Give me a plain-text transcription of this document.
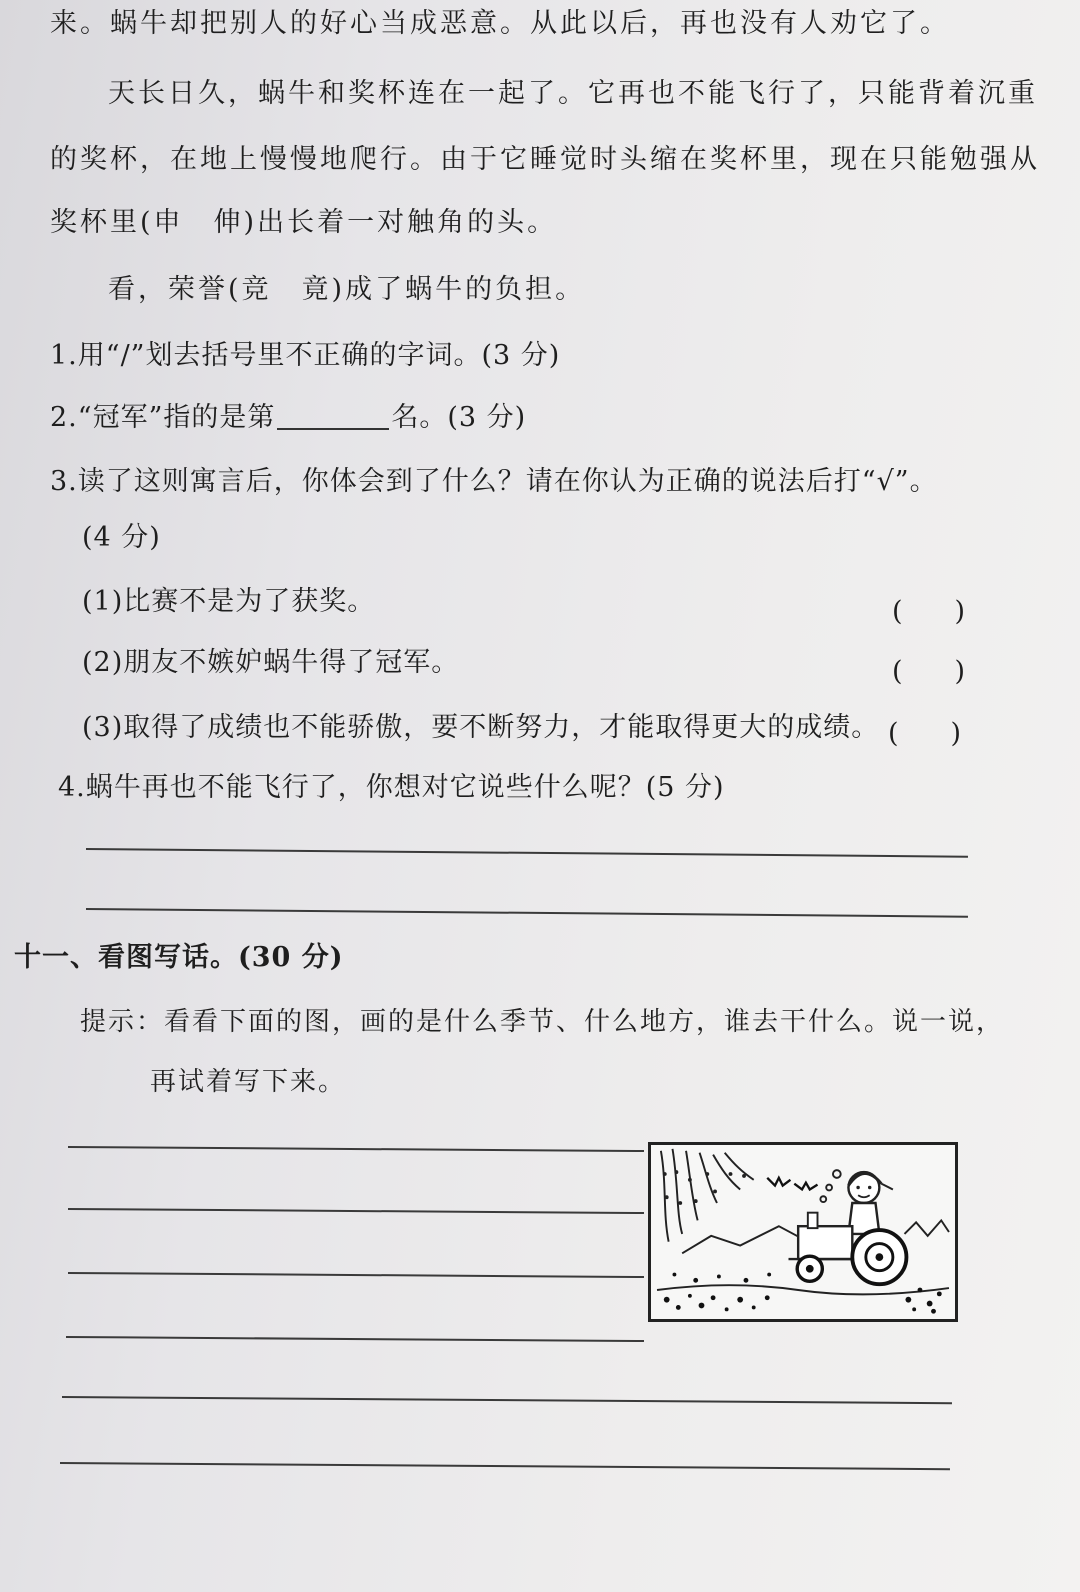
来。蜗牛却把别人的好心当成恶意。从此以后，再也没有人劝它了。
天长日久，蜗牛和奖杯连在一起了。它再也不能飞行了，只能背着沉重
的奖杯，在地上慢慢地爬行。由于它睡觉时头缩在奖杯里，现在只能勉强从
奖杯里(申　伸)出长着一对触角的头。
看，荣誉(竞　竟)成了蜗牛的负担。
1.用“/”划去括号里不正确的字词。(3 分)
2.“冠军”指的是第	名。(3 分)
3.读了这则寓言后，你体会到了什么？请在你认为正确的说法后打“√”。
(4 分)
(1)比赛不是为了获奖。	( )
(2)朋友不嫉妒蜗牛得了冠军。	( )
(3)取得了成绩也不能骄傲，要不断努力，才能取得更大的成绩。 ( )
4.蜗牛再也不能飞行了，你想对它说些什么呢？(5 分)
十一、看图写话。(30 分)
提示：看看下面的图，画的是什么季节、什么地方，谁去干什么。说一说，
再试着写下来。
